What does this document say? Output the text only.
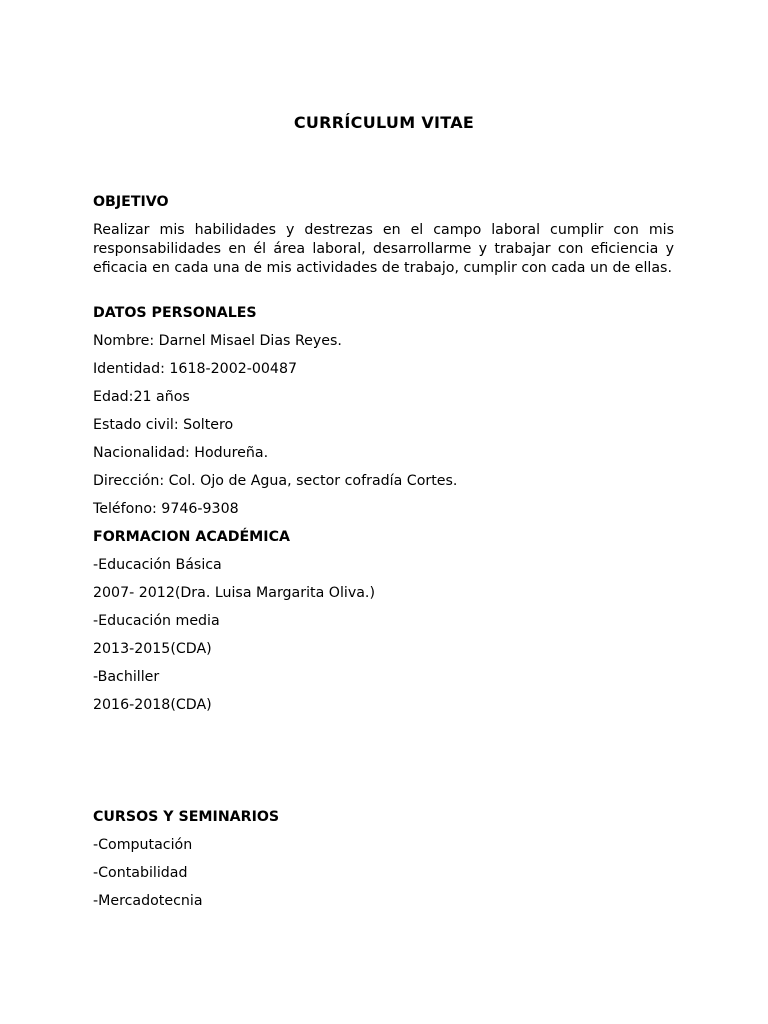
CURRÍCULUM VITAE
OBJETIVO

Realizar mis habilidades y destrezas en el campo laboral cumplir con mis responsabilidades en él área laboral, desarrollarme y trabajar con eficiencia y eficacia en cada una de mis actividades de trabajo, cumplir con cada un de ellas.

DATOS PERSONALES

Nombre: Darnel Misael Dias Reyes.

Identidad: 1618-2002-00487

Edad:21 años

Estado civil: Soltero

Nacionalidad: Hodureña.

Dirección: Col. Ojo de Agua, sector cofradía Cortes.

Teléfono: 9746-9308

FORMACION ACADÉMICA

-Educación Básica

2007- 2012(Dra. Luisa Margarita Oliva.)

-Educación media

2013-2015(CDA)

-Bachiller

2016-2018(CDA)

CURSOS Y SEMINARIOS

-Computación

-Contabilidad

-Mercadotecnia
